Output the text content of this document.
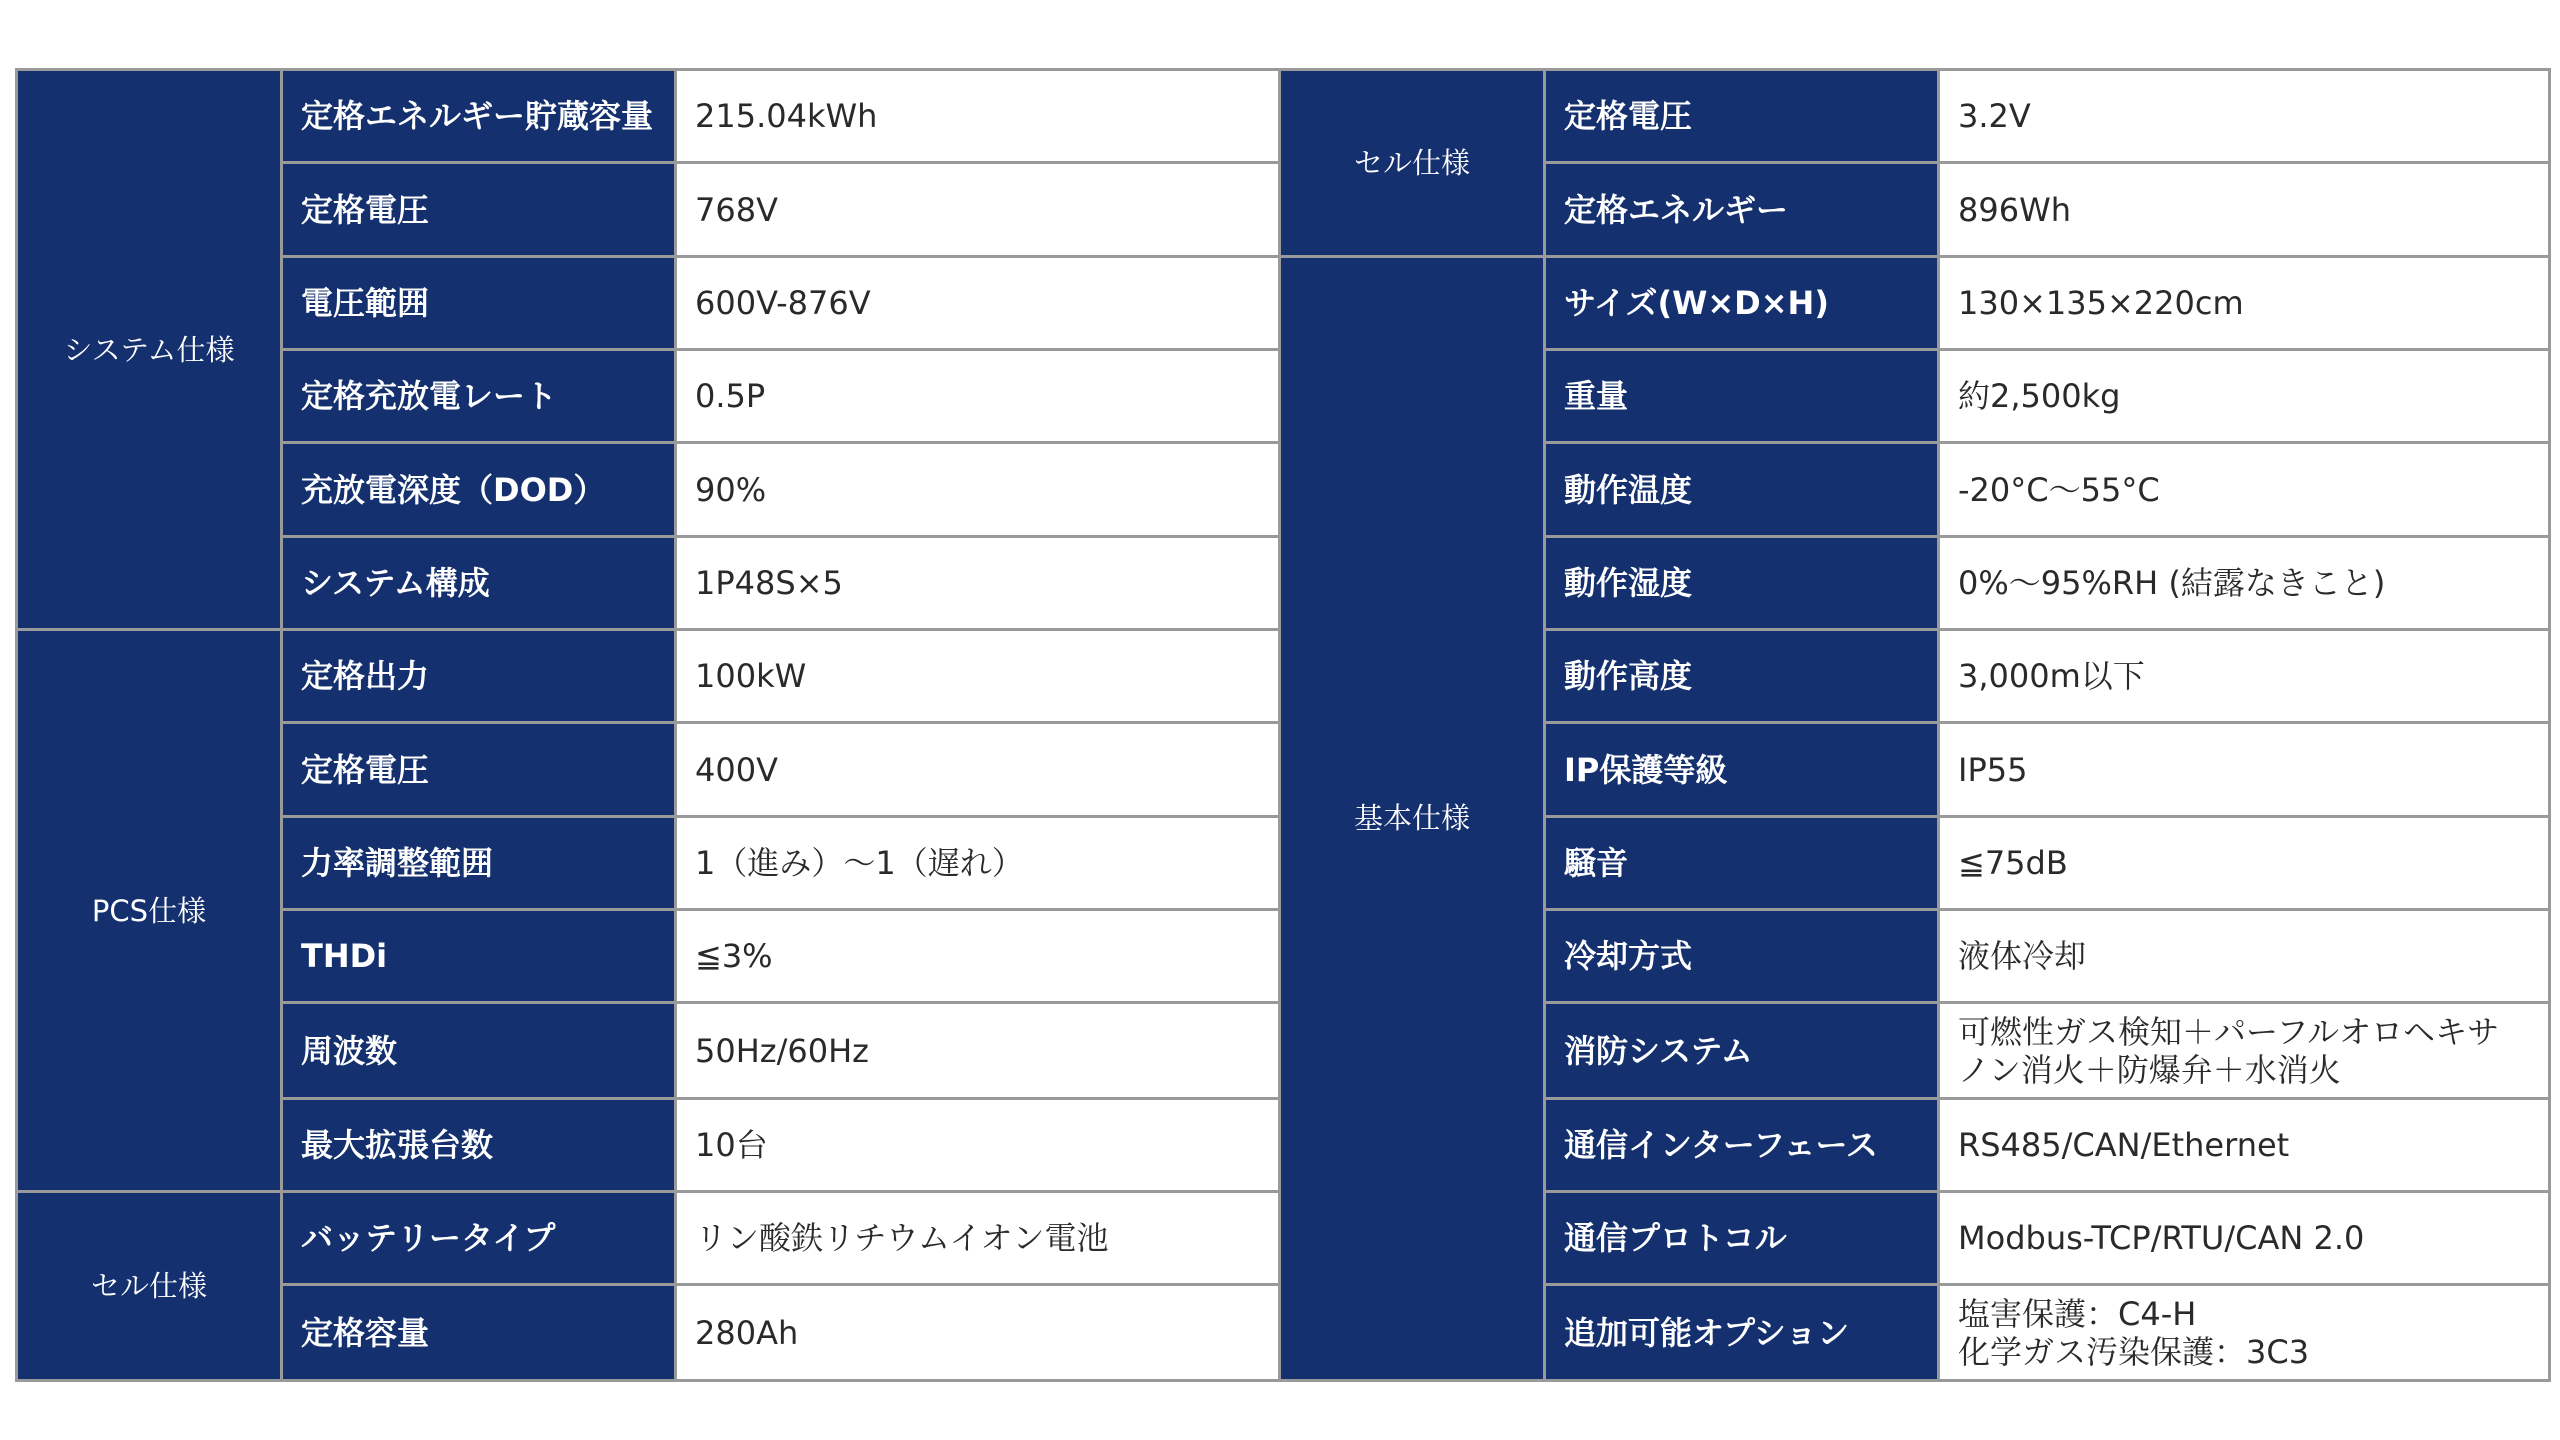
システム仕様	定格エネルギー貯蔵容量	215.04kWh	セル仕様	定格電圧	3.2V
	定格電圧	768V		定格エネルギー	896Wh
	電圧範囲	600V-876V	基本仕様	サイズ(W×D×H)	130×135×220cm
	定格充放電レート	0.5P		重量	約2,500kg
	充放電深度（DOD）	90%		動作温度	-20°C～55°C
	システム構成	1P48S×5		動作湿度	0%～95%RH (結露なきこと)
PCS仕様	定格出力	100kW		動作高度	3,000m以下
	定格電圧	400V		IP保護等級	IP55
	力率調整範囲	1（進み）～1（遅れ）		騒音	≦75dB
	THDi	≦3%		冷却方式	液体冷却
	周波数	50Hz/60Hz		消防システム	可燃性ガス検知＋パーフルオロヘキサ
ノン消火＋防爆弁＋水消火

	最大拡張台数	10台		通信インターフェース	RS485/CAN/Ethernet
セル仕様	バッテリータイプ	リン酸鉄リチウムイオン電池		通信プロトコル	Modbus-TCP/RTU/CAN 2.0
	定格容量	280Ah		追加可能オプション	塩害保護：C4-H
化学ガス汚染保護：3C3
